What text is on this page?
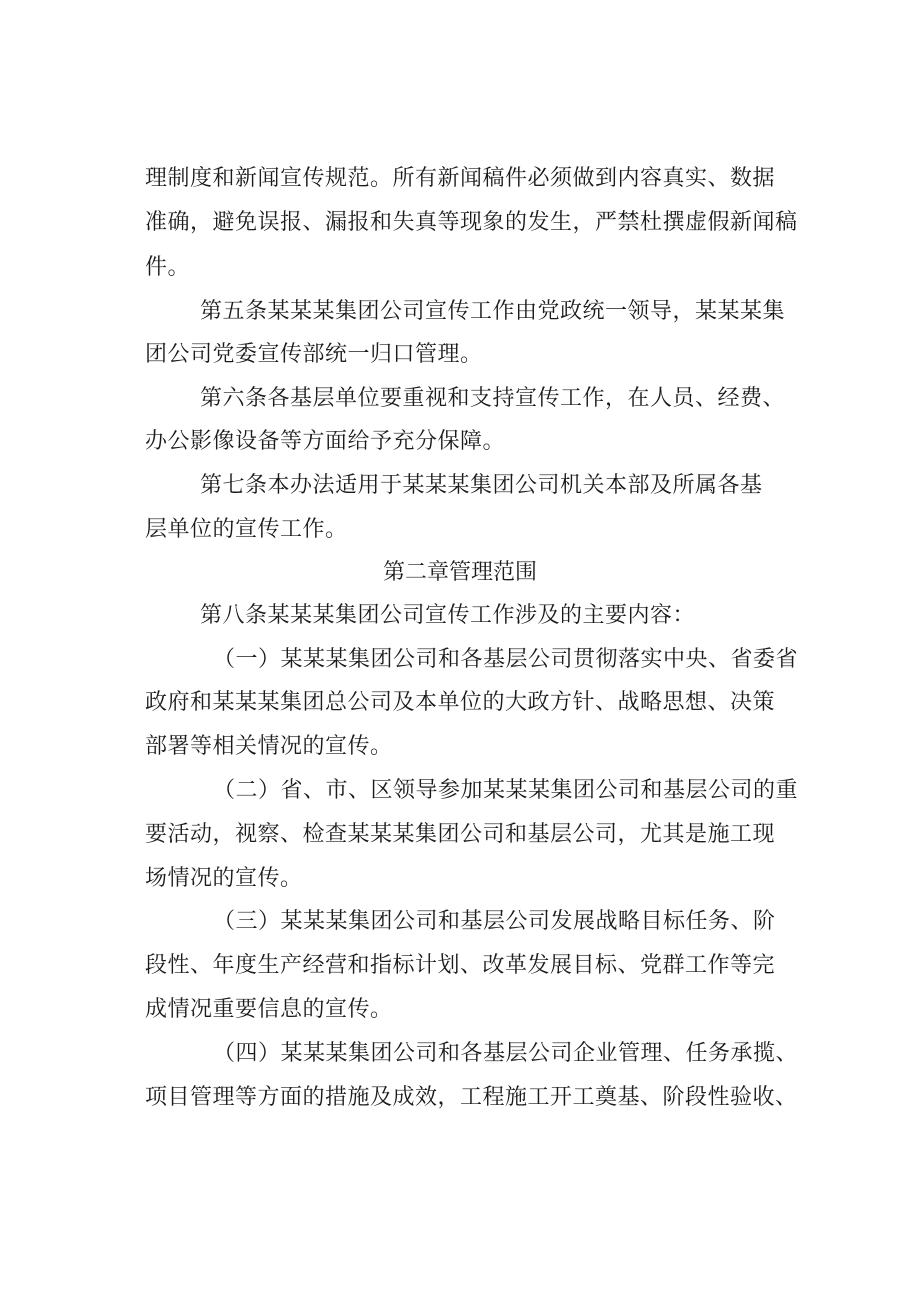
理制度和新闻宣传规范。所有新闻稿件必须做到内容真实、数据
准确，避免误报、漏报和失真等现象的发生，严禁杜撰虚假新闻稿
件。
第五条某某某集团公司宣传工作由党政统一领导，某某某集
团公司党委宣传部统一归口管理。
第六条各基层单位要重视和支持宣传工作，在人员、经费、
办公影像设备等方面给予充分保障。
第七条本办法适用于某某某集团公司机关本部及所属各基
层单位的宣传工作。
第二章管理范围
第八条某某某集团公司宣传工作涉及的主要内容：
（一）某某某集团公司和各基层公司贯彻落实中央、省委省
政府和某某某集团总公司及本单位的大政方针、战略思想、决策
部署等相关情况的宣传。
（二）省、市、区领导参加某某某集团公司和基层公司的重
要活动，视察、检查某某某集团公司和基层公司，尤其是施工现
场情况的宣传。
（三）某某某集团公司和基层公司发展战略目标任务、阶
段性、年度生产经营和指标计划、改革发展目标、党群工作等完
成情况重要信息的宣传。
（四）某某某集团公司和各基层公司企业管理、任务承揽、
项目管理等方面的措施及成效，工程施工开工奠基、阶段性验收、
